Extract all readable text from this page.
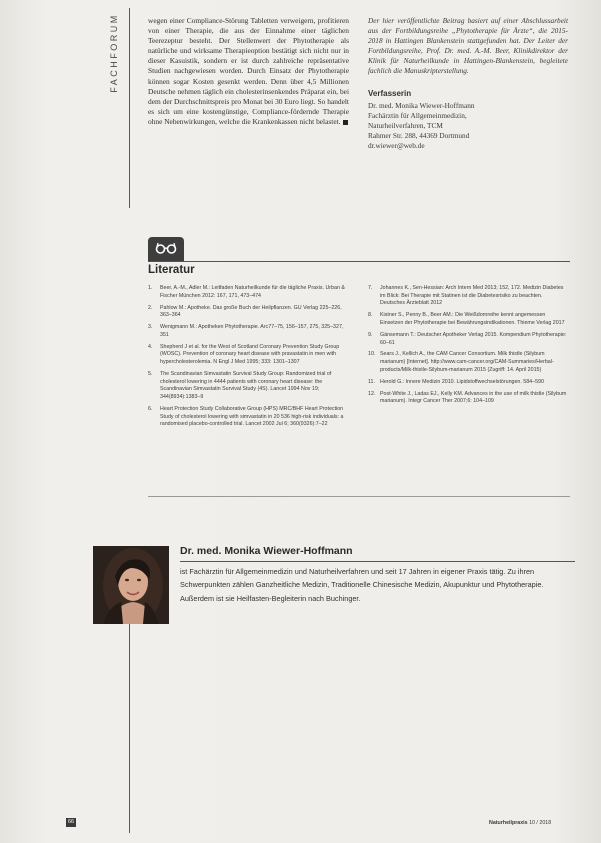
FACHFORUM	wegen einer Compliance-Störung Tabletten verweigern, profitieren von einer Therapie, die aus der Einnahme einer täglichen Teerezeptur besteht. Der Stellenwert der Phytotherapie als natürliche und wirksame Therapieoption bestätigt sich nicht nur in dieser Kasuistik, sondern er ist durch zahlreiche repräsentative Studien nachgewiesen worden. Durch Einsatz der Phytotherapie können sogar Kosten gesenkt werden. Denn über 4,5 Millionen Deutsche nehmen täglich ein cholesterinsenkendes Präparat ein, bei dem der Durchschnittspreis pro Monat bei 30 Euro liegt. So handelt es sich um eine kostengünstige, Compliance-fördernde Therapie ohne Nebenwirkungen, welche die Krankenkassen nicht belastet.

Der hier veröffentlichte Beitrag basiert auf einer Abschlussarbeit aus der Fortbildungsreihe „Phytotherapie für Ärzte“, die 2015-2018 in Hattingen Blankenstein stattgefunden hat. Der Leiter der Fortbildungsreihe, Prof. Dr. med. A.-M. Beer, Klinikdirektor der Klinik für Naturheilkunde in Hattingen-Blankenstein, begleitete fachlich die Manuskripterstellung.

Verfasserin

Dr. med. Monika Wiewer-Hoffmann

Fachärztin für Allgemeinmedizin,

Naturheilverfahren, TCM

Rahmer Str. 288, 44369 Dortmund

dr.wiewer@web.de

Literatur
1.	Beer, A.-M., Adler M.: Leitfaden Naturheilkunde für die tägliche Praxis. Urban & Fischer München 2012: 167, 171, 473–474
2.	Pahlow M.: Apotheke. Das große Buch der Heilpflanzen. GU Verlag 225–226, 363–364
3.	Wenigmann M.: Apotheken Phytotherapie. Arc77–75, 156–157, 275, 325–327, 351
4.	Shepherd J et al. for the West of Scotland Coronary Prevention Study Group (WOSC). Prevention of coronary heart disease with pravastatin in men with hypercholesterolemia. N Engl J Med 1995; 333: 1301–1307
5.	The Scandinavian Simvastatin Survival Study Group: Randomized trial of cholesterol lowering in 4444 patients with coronary heart disease: the Scandinavian Simvastatin Survival Study (4S). Lancet 1994 Nov 19; 344(8934):1383–9
6.	Heart Protection Study Collaborative Group (HPS) MRC/BHF Heart Protection Study of cholesterol lowering with simvastatin in 20 536 high-risk individuals: a randomised placebo-controlled trial. Lancet 2002 Jul 6; 360(9326):7–22
7.	Johannes K., Sen-Hessian: Arch Intern Med 2013; 152, 172. Medizin Diabetes im Blick: Bei Therapie mit Statinen ist die Diabetesrisiko zu beachten. Deutsches Ärzteblatt 2012
8.	Kistner S., Penny B., Beer AM.: Die Weißdornreihe kennt angemessen Einsetzen der Phytotherapie bei Bewährungsindikationen. Thieme Verlag 2017
9.	Gänsemann T.: Deutscher Apotheker Verlag 2015. Kompendium Phytotherapie: 60–61
10. Sears J., Kellich A., the CAM Cancer Consortium. Milk thistle (Silybum marianum) [Internet]. http://www.cam-cancer.org/CAM-Summaries/Herbal-products/Milk-thistle-Silybum-marianum 2015 (Zugriff: 14. April 2015)
11. Herold G.: Innere Medizin 2010. Lipidstoffwechselstörungen. 584–590
12. Post-White J., Ladas EJ., Kelly KM. Advances in the use of milk thistle (Silybum marianum). Integr Cancer Ther 2007;6: 104–109
Dr. med. Monika Wiewer-Hoffmann

ist Fachärztin für Allgemeinmedizin und Naturheilverfahren und seit 17 Jahren in eigener Praxis tätig. Zu ihren Schwerpunkten zählen Ganzheitliche Medizin, Traditionelle Chinesische Medizin, Akupunktur und Phytotherapie. Außerdem ist sie Heilfasten-Begleiterin nach Buchinger.

66	Naturheilpraxis 10 / 2018
